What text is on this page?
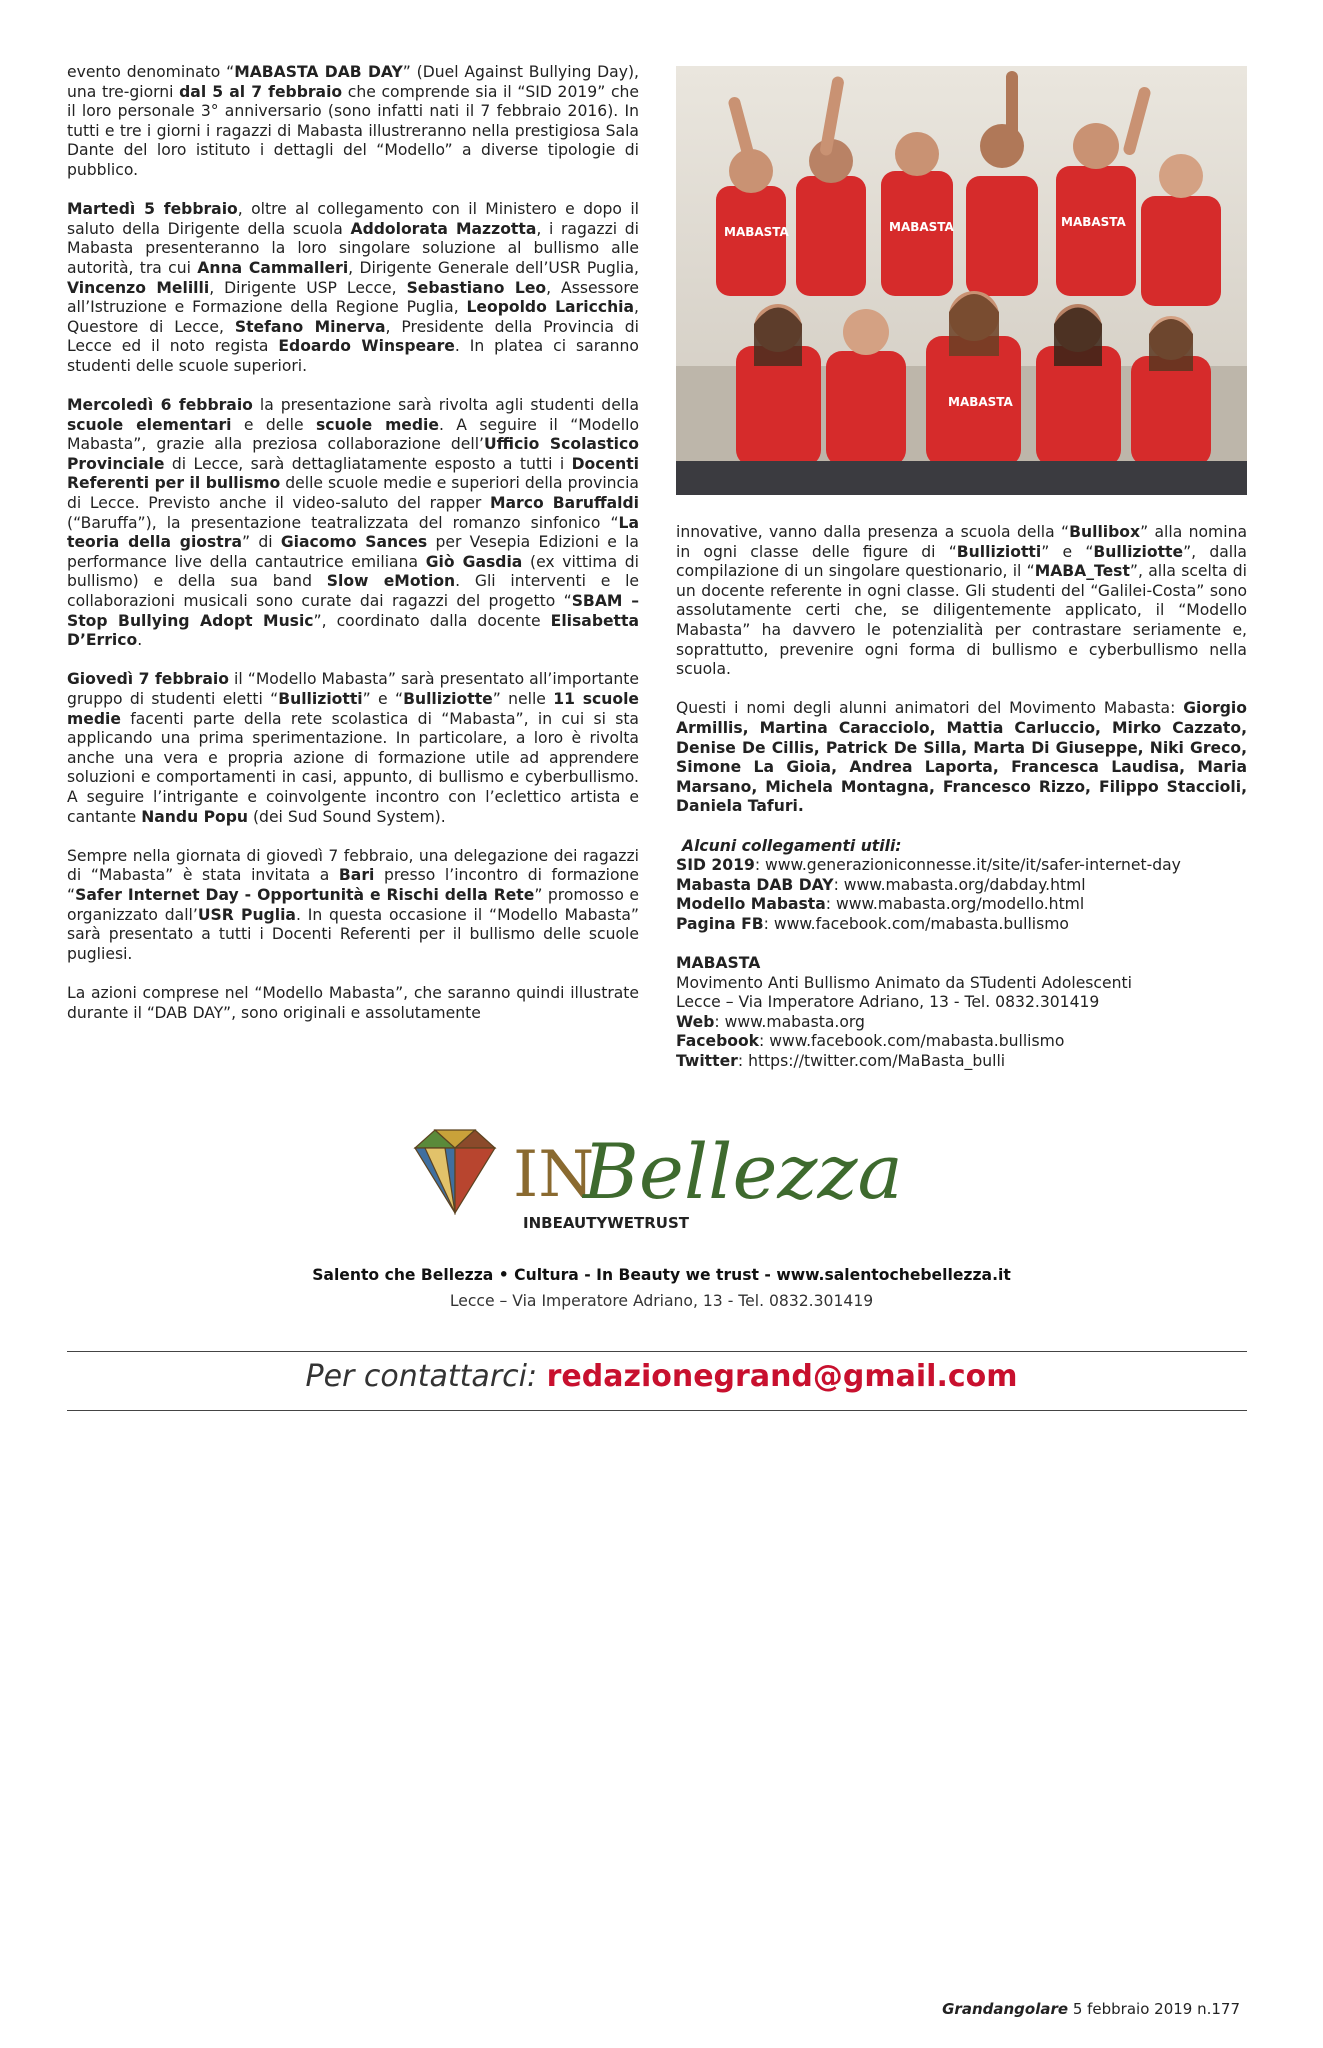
evento denominato “MABASTA DAB DAY” (Duel Against Bullying Day), una tre-giorni dal 5 al 7 febbraio che comprende sia il “SID 2019” che il loro personale 3° anniversario (sono infatti nati il 7 febbraio 2016). In tutti e tre i giorni i ragazzi di Mabasta illustreranno nella prestigiosa Sala Dante del loro istituto i dettagli del “Modello” a diverse tipologie di pubblico.

Martedì 5 febbraio, oltre al collegamento con il Ministero e dopo il saluto della Dirigente della scuola Addolorata Mazzotta, i ragazzi di Mabasta presenteranno la loro singolare soluzione al bullismo alle autorità, tra cui Anna Cammalleri, Dirigente Generale dell’USR Puglia, Vincenzo Melilli, Dirigente USP Lecce, Sebastiano Leo, Assessore all’Istruzione e Formazione della Regione Puglia, Leopoldo Laricchia, Questore di Lecce, Stefano Minerva, Presidente della Provincia di Lecce ed il noto regista Edoardo Winspeare. In platea ci saranno studenti delle scuole superiori.

Mercoledì 6 febbraio la presentazione sarà rivolta agli studenti della scuole elementari e delle scuole medie. A seguire il “Modello Mabasta”, grazie alla preziosa collaborazione dell’Ufficio Scolastico Provinciale di Lecce, sarà dettagliatamente esposto a tutti i Docenti Referenti per il bullismo delle scuole medie e superiori della provincia di Lecce. Previsto anche il video-saluto del rapper Marco Baruffaldi (“Baruffa”), la presentazione teatralizzata del romanzo sinfonico “La teoria della giostra” di Giacomo Sances per Vesepia Edizioni e la performance live della cantautrice emiliana Giò Gasdia (ex vittima di bullismo) e della sua band Slow eMotion. Gli interventi e le collaborazioni musicali sono curate dai ragazzi del progetto “SBAM – Stop Bullying Adopt Music”, coordinato dalla docente Elisabetta D’Errico.

Giovedì 7 febbraio il “Modello Mabasta” sarà presentato all’importante gruppo di studenti eletti “Bulliziotti” e “Bulliziotte” nelle 11 scuole medie facenti parte della rete scolastica di “Mabasta”, in cui si sta applicando una prima sperimentazione. In particolare, a loro è rivolta anche una vera e propria azione di formazione utile ad apprendere soluzioni e comportamenti in casi, appunto, di bullismo e cyberbullismo. A seguire l’intrigante e coinvolgente incontro con l’eclettico artista e cantante Nandu Popu (dei Sud Sound System).

Sempre nella giornata di giovedì 7 febbraio, una delegazione dei ragazzi di “Mabasta” è stata invitata a Bari presso l’incontro di formazione “Safer Internet Day - Opportunità e Rischi della Rete” promosso e organizzato dall’USR Puglia. In questa occasione il “Modello Mabasta” sarà presentato a tutti i Docenti Referenti per il bullismo delle scuole pugliesi.

La azioni comprese nel “Modello Mabasta”, che saranno quindi illustrate durante il “DAB DAY”, sono originali e assolutamente

MABASTA	MABASTA	MABASTA
MABASTA

innovative, vanno dalla presenza a scuola della “Bullibox” alla nomina in ogni classe delle figure di “Bulliziotti” e “Bulliziotte”, dalla compilazione di un singolare questionario, il “MABA_Test”, alla scelta di un docente referente in ogni classe. Gli studenti del “Galilei-Costa” sono assolutamente certi che, se diligentemente applicato, il “Modello Mabasta” ha davvero le potenzialità per contrastare seriamente e, soprattutto, prevenire ogni forma di bullismo e cyberbullismo nella scuola.

Questi i nomi degli alunni animatori del Movimento Mabasta: Giorgio Armillis, Martina Caracciolo, Mattia Carluccio, Mirko Cazzato, Denise De Cillis, Patrick De Silla, Marta Di Giuseppe, Niki Greco, Simone La Gioia, Andrea Laporta, Francesca Laudisa, Maria Marsano, Michela Montagna, Francesco Rizzo, Filippo Staccioli, Daniela Tafuri.

Alcuni collegamenti utili:

SID 2019: www.generazioniconnesse.it/site/it/safer-internet-day

Mabasta DAB DAY: www.mabasta.org/dabday.html

Modello Mabasta: www.mabasta.org/modello.html

Pagina FB: www.facebook.com/mabasta.bullismo

MABASTA

Movimento Anti Bullismo Animato da STudenti Adolescenti

Lecce – Via Imperatore Adriano, 13 - Tel. 0832.301419

Web: www.mabasta.org

Facebook: www.facebook.com/mabasta.bullismo

Twitter: https://twitter.com/MaBasta_bulli

IN
Bellezza
INBEAUTYWETRUST
Salento che Bellezza • Cultura - In Beauty we trust - www.salentochebellezza.it
Lecce – Via Imperatore Adriano, 13 - Tel. 0832.301419
Per contattarci: redazionegrand@gmail.com
Grandangolare 5 febbraio 2019 n.177
